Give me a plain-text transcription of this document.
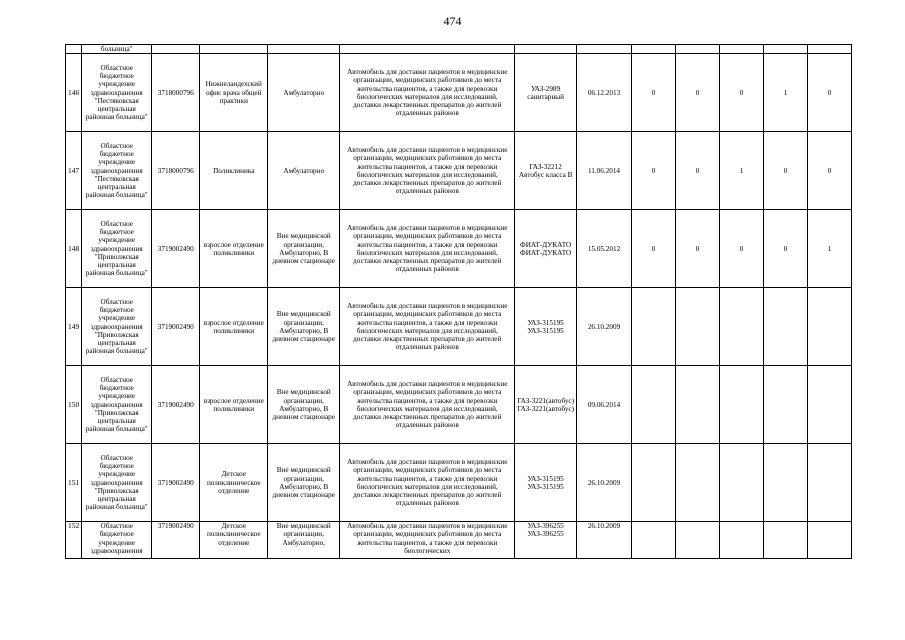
474
	больница"											
146	Областное бюджетное учреждение здравоохранения "Пестяковская центральная районная больница"	3718000796	Нижнеландехский офис врача общей практики	Амбулаторно	Автомобиль для доставки пациентов в медицинские организации, медицинских работников до места жительства пациентов, а также для перевозки биологических материалов для исследований, доставки лекарственных препаратов до жителей отдаленных районов	УАЗ-2989 санитарный	06.12.2013	0	0	0	1	0
147	Областное бюджетное учреждение здравоохранения "Пестяковская центральная районная больница"	3718000796	Поликлиника	Амбулаторно	Автомобиль для доставки пациентов в медицинские организации, медицинских работников до места жительства пациентов, а также для перевозки биологических материалов для исследований, доставки лекарственных препаратов до жителей отдаленных районов	ГАЗ-32212 Автобус класса В	11.06.2014	0	0	1	0	0
148	Областное бюджетное учреждение здравоохранения "Приволжская центральная районная больница"	3719002490	взрослое отделение поликлиники	Вне медицинской организации, Амбулаторно, В дневном стационаре	Автомобиль для доставки пациентов в медицинские организации, медицинских работников до места жительства пациентов, а также для перевозки биологических материалов для исследований, доставки лекарственных препаратов до жителей отдаленных районов	ФИАТ-ДУКАТО ФИАТ-ДУКАТО	15.05.2012	0	0	0	0	1
149	Областное бюджетное учреждение здравоохранения "Приволжская центральная районная больница"	3719002490	взрослое отделение поликлиники	Вне медицинской организации, Амбулаторно, В дневном стационаре	Автомобиль для доставки пациентов в медицинские организации, медицинских работников до места жительства пациентов, а также для перевозки биологических материалов для исследований, доставки лекарственных препаратов до жителей отдаленных районов	УАЗ-315195 УАЗ-315195	26.10.2009					
150	Областное бюджетное учреждение здравоохранения "Приволжская центральная районная больница"	3719002490	взрослое отделение поликлиники	Вне медицинской организации, Амбулаторно, В дневном стационаре	Автомобиль для доставки пациентов в медицинские организации, медицинских работников до места жительства пациентов, а также для перевозки биологических материалов для исследований, доставки лекарственных препаратов до жителей отдаленных районов	ГАЗ-3221(автобус) ГАЗ-3221(автобус)	09.06.2014					
151	Областное бюджетное учреждение здравоохранения "Приволжская центральная районная больница"	3719002490	Детское поликлиническое отделение	Вне медицинской организации, Амбулаторно, В дневном стационаре	Автомобиль для доставки пациентов в медицинские организации, медицинских работников до места жительства пациентов, а также для перевозки биологических материалов для исследований, доставки лекарственных препаратов до жителей отдаленных районов	УАЗ-315195 УАЗ-315195	26.10.2009					
152	Областное бюджетное учреждение здравоохранения	3719002490	Детское поликлиническое отделение	Вне медицинской организации, Амбулаторно,	Автомобиль для доставки пациентов в медицинские организации, медицинских работников до места жительства пациентов, а также для перевозки биологических	УАЗ-396255 УАЗ-396255	26.10.2009					
